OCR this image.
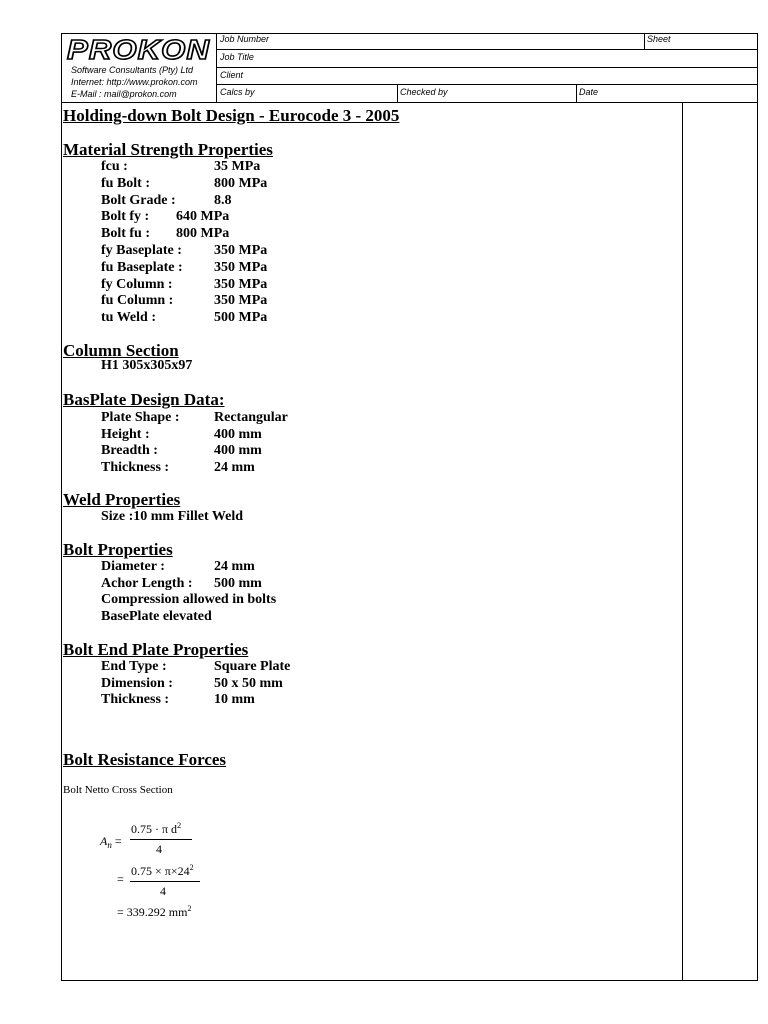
PROKON
Software Consultants (Pty) Ltd
Internet: http://www.prokon.com
E-Mail : mail@prokon.com
Job Number	Sheet
Job Title
Client
Calcs by	Checked by	Date
Holding-down Bolt Design - Eurocode 3 - 2005
Material Strength Properties
fcu :	35 MPa
fu Bolt :	800 MPa
Bolt Grade :	8.8
Bolt fy : 640 MPa
Bolt fu : 800 MPa
fy Baseplate : 350 MPa
fu Baseplate : 350 MPa
fy Column :	350 MPa
fu Column :	350 MPa
tu Weld :	500 MPa
Column Section
H1 305x305x97
BasPlate Design Data:
Plate Shape : Rectangular
Height :	400 mm
Breadth :	400 mm
Thickness :	24 mm
Weld Properties
Size :10 mm Fillet Weld
Bolt Properties
Diameter :	24 mm
Achor Length : 500 mm
Compression allowed in bolts
BasePlate elevated
Bolt End Plate Properties
End Type :	Square Plate
Dimension :	50 x 50 mm
Thickness :	10 mm
Bolt Resistance Forces
Bolt Netto Cross Section
$A_n$ =
0.75 · π $d^2$
4
=
$0.75 \times \pi\times 24^2$
4
= 339.292 $mm^2$
